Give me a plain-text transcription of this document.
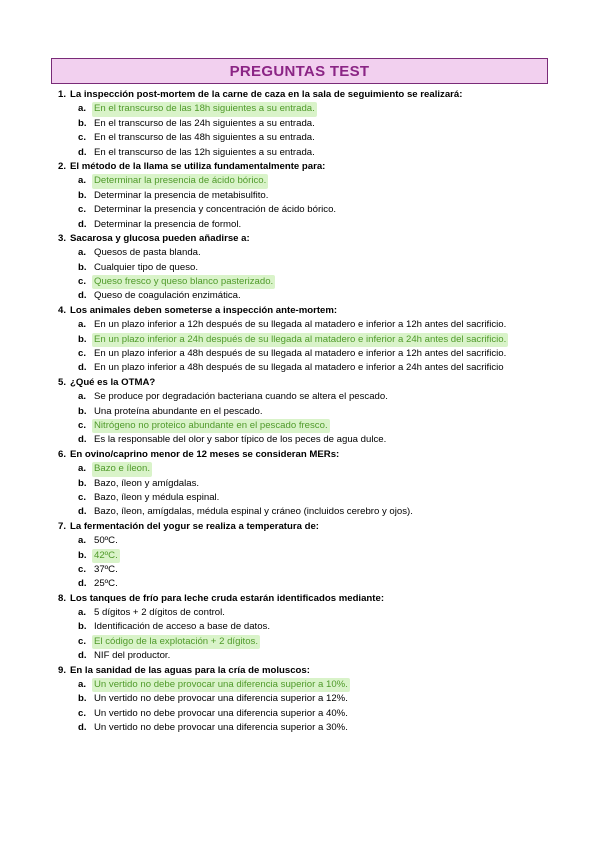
PREGUNTAS TEST
1. La inspección post-mortem de la carne de caza en la sala de seguimiento se realizará:
a. En el transcurso de las 18h siguientes a su entrada.
b. En el transcurso de las 24h siguientes a su entrada.
c. En el transcurso de las 48h siguientes a su entrada.
d. En el transcurso de las 12h siguientes a su entrada.
2. El método de la llama se utiliza fundamentalmente para:
a. Determinar la presencia de ácido bórico.
b. Determinar la presencia de metabisulfito.
c. Determinar la presencia y concentración de ácido bórico.
d. Determinar la presencia de formol.
3. Sacarosa y glucosa pueden añadirse a:
a. Quesos de pasta blanda.
b. Cualquier tipo de queso.
c. Queso fresco y queso blanco pasterizado.
d. Queso de coagulación enzimática.
4. Los animales deben someterse a inspección ante-mortem:
a. En un plazo inferior a 12h después de su llegada al matadero e inferior a 12h antes del sacrificio.
b. En un plazo inferior a 24h después de su llegada al matadero e inferior a 24h antes del sacrificio.
c. En un plazo inferior a 48h después de su llegada al matadero e inferior a 12h antes del sacrificio.
d. En un plazo inferior a 48h después de su llegada al matadero e inferior a 24h antes del sacrificio
5. ¿Qué es la OTMA?
a. Se produce por degradación bacteriana cuando se altera el pescado.
b. Una proteína abundante en el pescado.
c. Nitrógeno no proteico abundante en el pescado fresco.
d. Es la responsable del olor y sabor típico de los peces de agua dulce.
6. En ovino/caprino menor de 12 meses se consideran MERs:
a. Bazo e íleon.
b. Bazo, íleon y amígdalas.
c. Bazo, íleon y médula espinal.
d. Bazo, íleon, amígdalas, médula espinal y cráneo (incluidos cerebro y ojos).
7. La fermentación del yogur se realiza a temperatura de:
a. 50ºC.
b. 42ºC.
c. 37ºC.
d. 25ºC.
8. Los tanques de frío para leche cruda estarán identificados mediante:
a. 5 dígitos + 2 dígitos de control.
b. Identificación de acceso a base de datos.
c. El código de la explotación + 2 dígitos.
d. NIF del productor.
9. En la sanidad de las aguas para la cría de moluscos:
a. Un vertido no debe provocar una diferencia superior a 10%.
b. Un vertido no debe provocar una diferencia superior a 12%.
c. Un vertido no debe provocar una diferencia superior a 40%.
d. Un vertido no debe provocar una diferencia superior a 30%.
